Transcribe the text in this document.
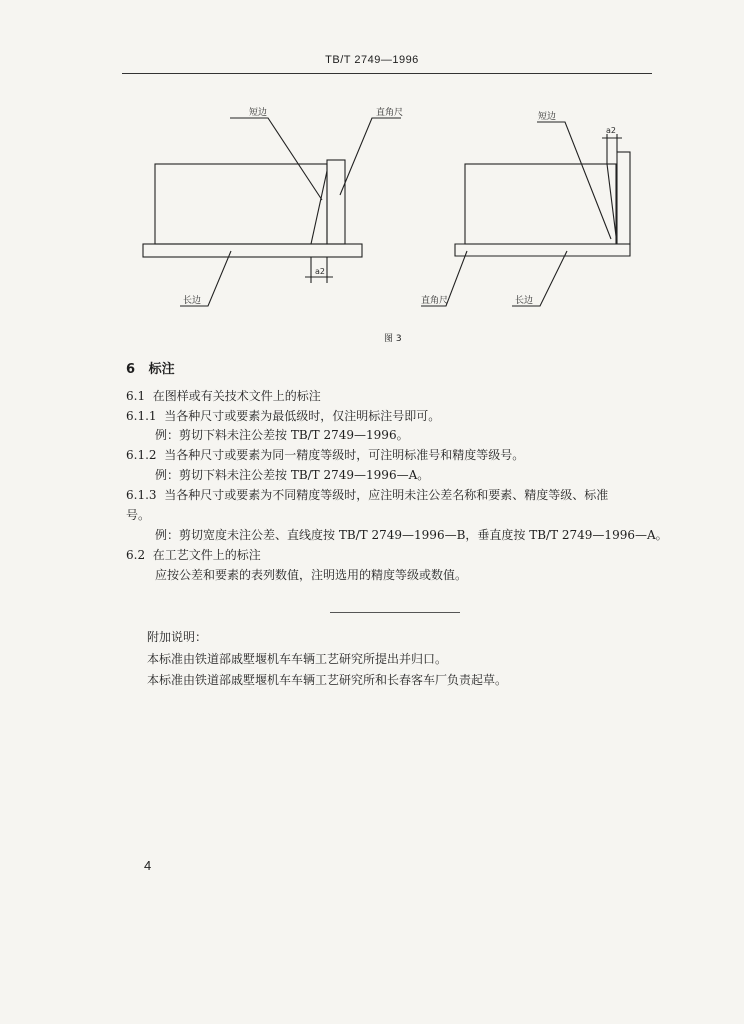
TB/T 2749—1996
短边	直角尺
长边
a2
短边
a2
直角尺	长边
图 3
6 标注
6.1 在图样或有关技术文件上的标注
6.1.1 当各种尺寸或要素为最低级时，仅注明标注号即可。
例：剪切下料未注公差按 TB/T 2749—1996。
6.1.2 当各种尺寸或要素为同一精度等级时，可注明标准号和精度等级号。
例：剪切下料未注公差按 TB/T 2749—1996—A。
6.1.3 当各种尺寸或要素为不同精度等级时，应注明未注公差名称和要素、精度等级、标准
号。
例：剪切宽度未注公差、直线度按 TB/T 2749—1996—B，垂直度按 TB/T 2749—1996—A。
6.2 在工艺文件上的标注
应按公差和要素的表列数值，注明选用的精度等级或数值。
附加说明：
本标准由铁道部戚墅堰机车车辆工艺研究所提出并归口。
本标准由铁道部戚墅堰机车车辆工艺研究所和长春客车厂负责起草。
4
